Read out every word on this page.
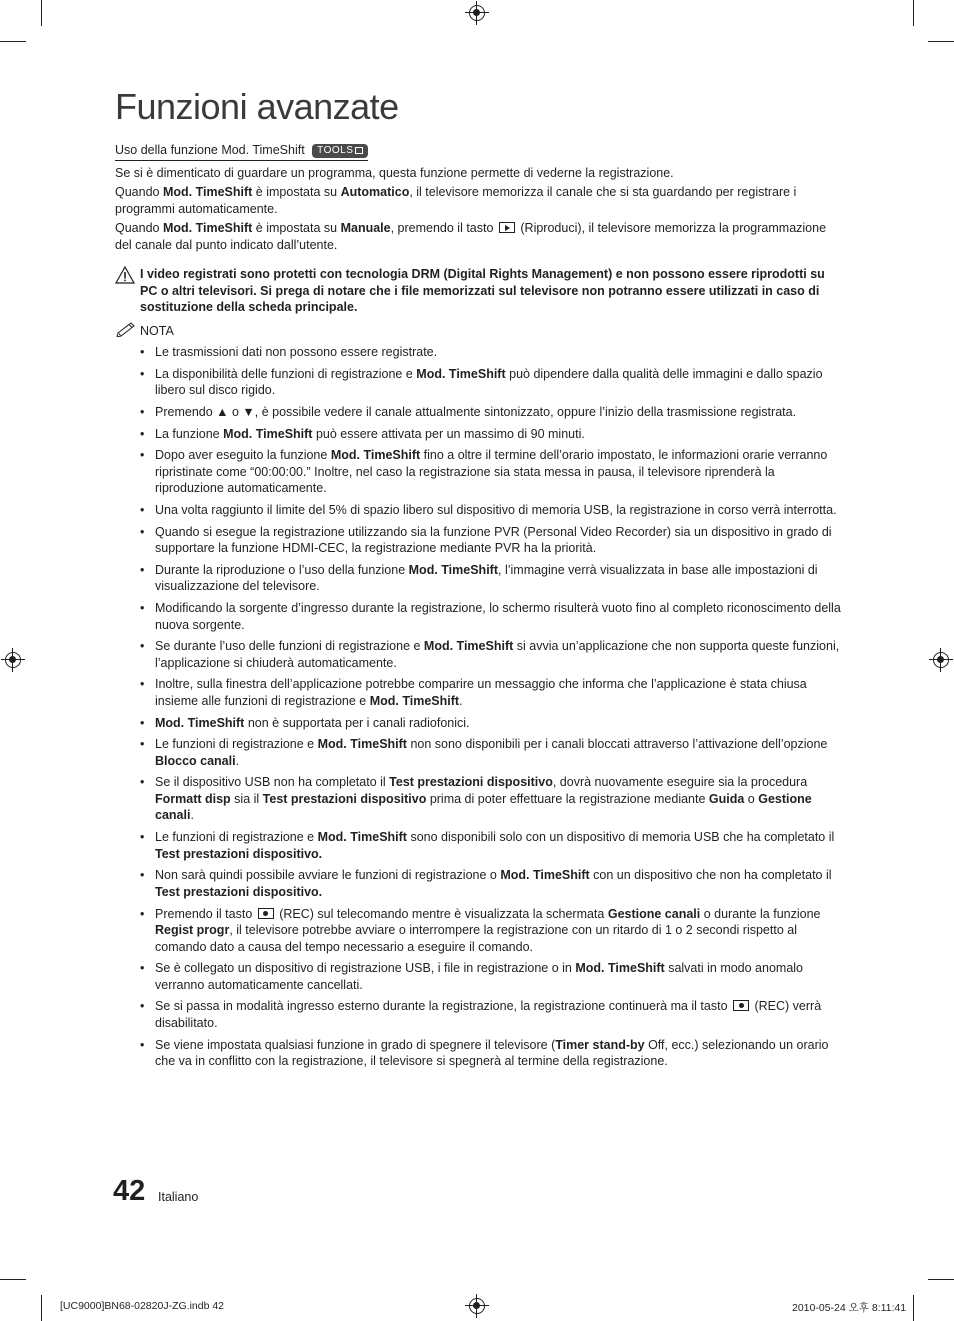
Funzioni avanzate
Uso della funzione Mod. TimeShift TOOLS

Se si è dimenticato di guardare un programma, questa funzione permette di vederne la registrazione.

Quando Mod. TimeShift è impostata su Automatico, il televisore memorizza il canale che si sta guardando per registrare i programmi automaticamente.

Quando Mod. TimeShift è impostata su Manuale, premendo il tasto  (Riproduci), il televisore memorizza la programmazione del canale dal punto indicato dall’utente.

I video registrati sono protetti con tecnologia DRM (Digital Rights Management) e non possono essere riprodotti su PC o altri televisori. Si prega di notare che i file memorizzati sul televisore non potranno essere utilizzati in caso di sostituzione della scheda principale.
NOTA
• Le trasmissioni dati non possono essere registrate.
• La disponibilità delle funzioni di registrazione e Mod. TimeShift può dipendere dalla qualità delle immagini e dallo spazio libero sul disco rigido.
• Premendo ▲ o ▼, è possibile vedere il canale attualmente sintonizzato, oppure l’inizio della trasmissione registrata.
• La funzione Mod. TimeShift può essere attivata per un massimo di 90 minuti.
• Dopo aver eseguito la funzione Mod. TimeShift fino a oltre il termine dell’orario impostato, le informazioni orarie verranno ripristinate come “00:00:00.” Inoltre, nel caso la registrazione sia stata messa in pausa, il televisore riprenderà la riproduzione automaticamente.
• Una volta raggiunto il limite del 5% di spazio libero sul dispositivo di memoria USB, la registrazione in corso verrà interrotta.
• Quando si esegue la registrazione utilizzando sia la funzione PVR (Personal Video Recorder) sia un dispositivo in grado di supportare la funzione HDMI-CEC, la registrazione mediante PVR ha la priorità.
• Durante la riproduzione o l’uso della funzione Mod. TimeShift, l’immagine verrà visualizzata in base alle impostazioni di visualizzazione del televisore.
• Modificando la sorgente d’ingresso durante la registrazione, lo schermo risulterà vuoto fino al completo riconoscimento della nuova sorgente.
• Se durante l’uso delle funzioni di registrazione e Mod. TimeShift si avvia un’applicazione che non supporta queste funzioni, l’applicazione si chiuderà automaticamente.
• Inoltre, sulla finestra dell’applicazione potrebbe comparire un messaggio che informa che l’applicazione è stata chiusa insieme alle funzioni di registrazione e Mod. TimeShift.
• Mod. TimeShift non è supportata per i canali radiofonici.
• Le funzioni di registrazione e Mod. TimeShift non sono disponibili per i canali bloccati attraverso l’attivazione dell’opzione Blocco canali.
• Se il dispositivo USB non ha completato il Test prestazioni dispositivo, dovrà nuovamente eseguire sia la procedura Formatt disp sia il Test prestazioni dispositivo prima di poter effettuare la registrazione mediante Guida o Gestione canali.
• Le funzioni di registrazione e Mod. TimeShift sono disponibili solo con un dispositivo di memoria USB che ha completato il Test prestazioni dispositivo.
• Non sarà quindi possibile avviare le funzioni di registrazione o Mod. TimeShift con un dispositivo che non ha completato il Test prestazioni dispositivo.
• Premendo il tasto  (REC) sul telecomando mentre è visualizzata la schermata Gestione canali o durante la funzione Regist progr, il televisore potrebbe avviare o interrompere la registrazione con un ritardo di 1 o 2 secondi rispetto al comando dato a causa del tempo necessario a eseguire il comando.
• Se è collegato un dispositivo di registrazione USB, i file in registrazione o in Mod. TimeShift salvati in modo anomalo verranno automaticamente cancellati.
• Se si passa in modalità ingresso esterno durante la registrazione, la registrazione continuerà ma il tasto  (REC) verrà disabilitato.
• Se viene impostata qualsiasi funzione in grado di spegnere il televisore (Timer stand-by Off, ecc.) selezionando un orario che va in conflitto con la registrazione, il televisore si spegnerà al termine della registrazione.
42 Italiano
[UC9000]BN68-02820J-ZG.indb 42	2010-05-24 오후 8:11:41
